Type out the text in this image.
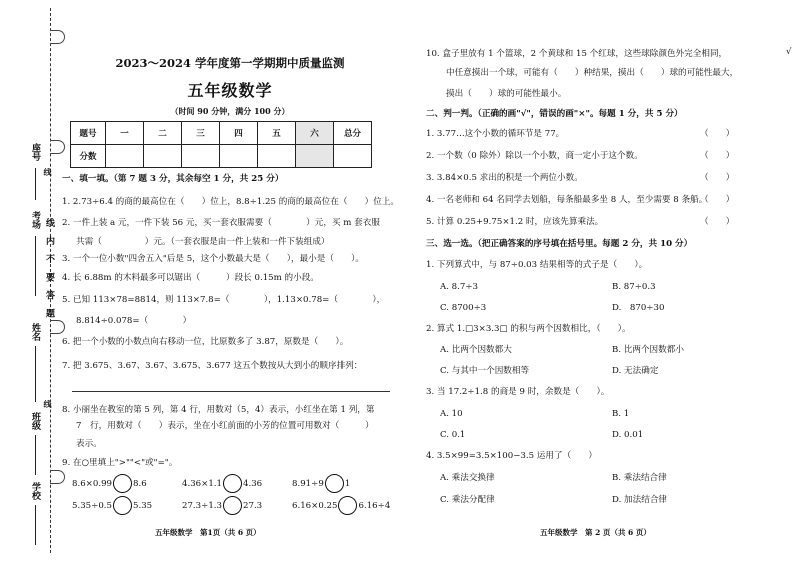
座号
考场
姓名
班级
学校
线
线 内 不 要 答 题
线
2023～2024 学年度第一学期期中质量监测
五年级数学
（时间 90 分钟，满分 100 分）
题号	一	二	三	四	五	六	总分
分数							
一、填一填。（第 7 题 3 分，其余每空 1 分，共 25 分）
1. 2.73÷6.4 的商的最高位在（　　）位上，8.8÷1.25 的商的最高位在（　　）位上。
2. 一件上装 a 元，一件下装 56 元，买一套衣服需要（　　　　）元，买 m 套衣服
共需（　　　　　）元。（一套衣服是由一件上装和一件下装组成）
3. 一个一位小数"四舍五入"后是 5，这个小数最大是（　　），最小是（　　）。
4. 长 6.88m 的木料最多可以锯出（　　　）段长 0.15m 的小段。
5. 已知 113×78=8814，则 113×7.8=（　　　　），1.13×0.78=（　　　　），
8.814÷0.078=（　　　　）
6. 把一个小数的小数点向右移动一位，比原数多了 3.87，原数是（　　）。
7. 把 3.675、3.67、3.67、3.675、3.677 这五个数按从大到小的顺序排列：
8. 小丽坐在教室的第 5 列，第 4 行，用数对（5，4）表示，小红坐在第 1 列，第
7　行，用数对（　　）表示，坐在小红前面的小芳的位置可用数对（　　　）
表示。
9. 在○里填上">""<"或"="。
8.6×0.99 8.6	4.36×1.1 4.36	8.91÷9 1
5.35÷0.5 5.35	27.3÷1.3 27.3	6.16×0.25 6.16÷4
五年级数学　第1页（共 6 页）
10. 盒子里放有 1 个篮球，2 个黄球和 15 个红球，这些球除颜色外完全相同，	√
中任意摸出一个球，可能有（　　）种结果，摸出（　　）球的可能性最大，
摸出（　　）球的可能性最小。
二、判一判。（正确的画"√"，错误的画"×"。每题 1 分，共 5 分）
1. 3.77…这个小数的循环节是 77。	（　　）
2. 一个数（0 除外）除以一个小数，商一定小于这个数。	（　　）
3. 3.84×0.5 求出的积是一个两位小数。	（　　）
4. 一名老师和 64 名同学去划船，每条船最多坐 8 人，至少需要 8 条船。
（　　）
5. 计算 0.25+9.75×1.2 时，应该先算乘法。	（　　）
三、选一选。（把正确答案的序号填在括号里。每题 2 分，共 10 分）
1. 下列算式中，与 87÷0.03 结果相等的式子是（　　）。
A. 8.7÷3	B. 87÷0.3
C. 8700÷3	D.　870÷30
2. 算式 1.□3×3.3□ 的积与两个因数相比，（　　）。
A. 比两个因数都大	B. 比两个因数都小
C. 与其中一个因数相等	D. 无法确定
3. 当 17.2÷1.8 的商是 9 时，余数是（　　）。
A. 10	B. 1
C. 0.1	D. 0.01
4. 3.5×99=3.5×100−3.5 运用了（　　）
A. 乘法交换律	B. 乘法结合律
C. 乘法分配律	D. 加法结合律
五年级数学　第 2 页（共 6 页）
